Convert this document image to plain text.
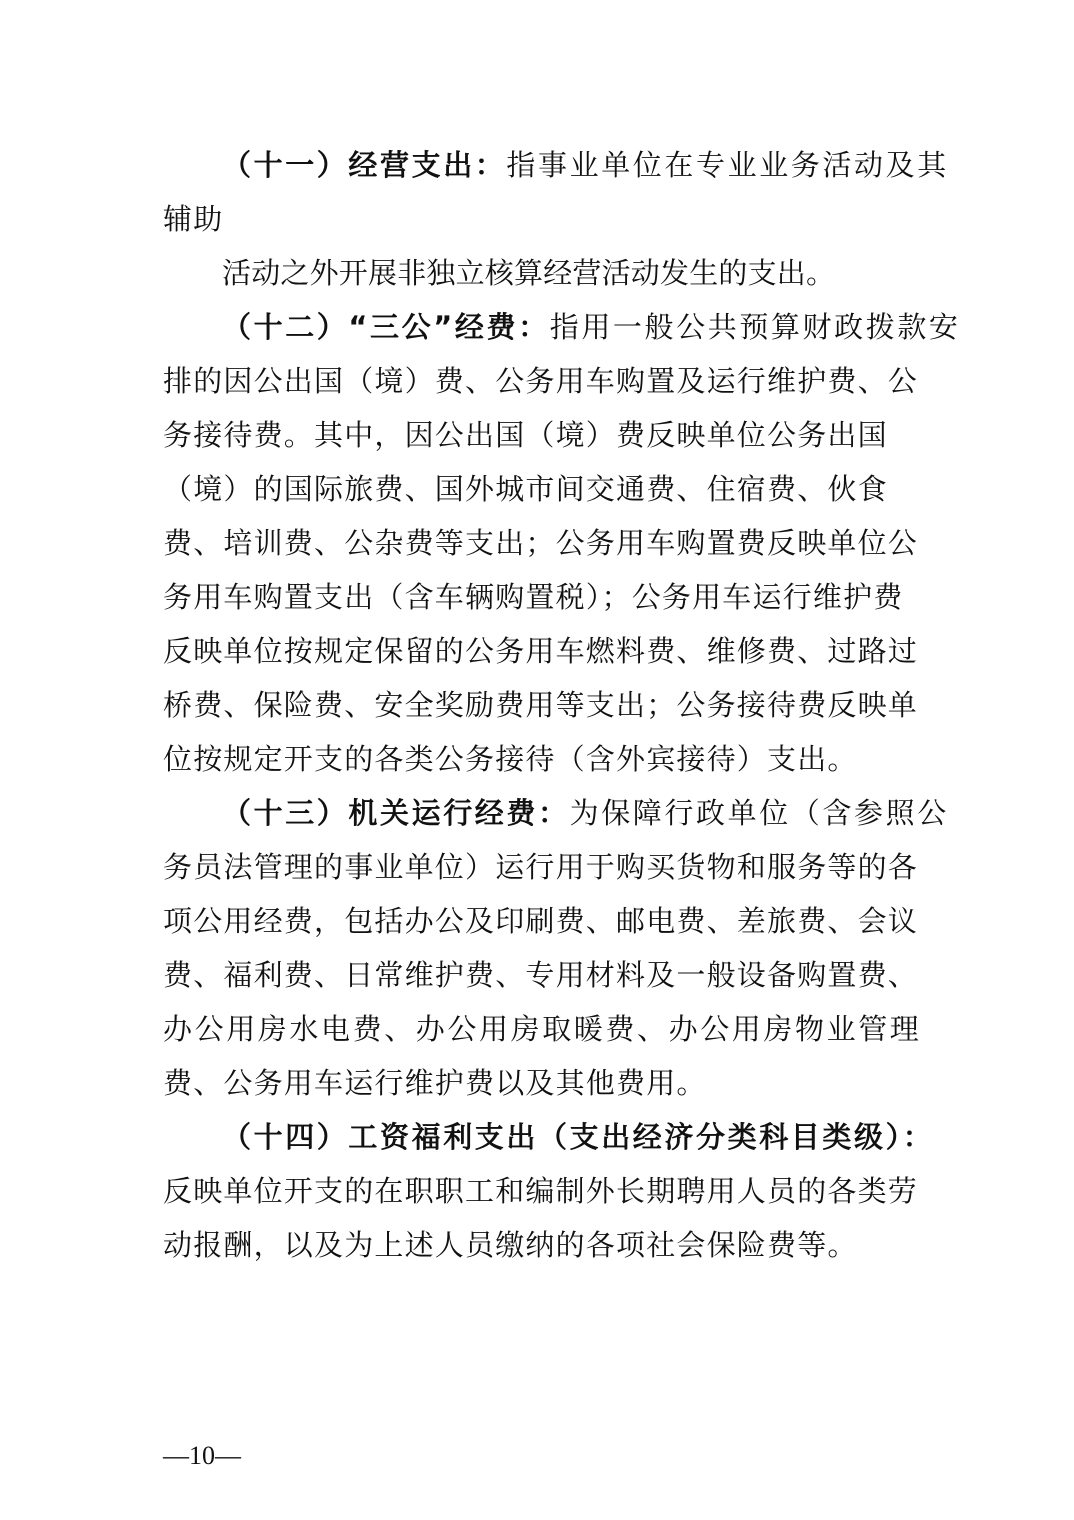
（十一）经营支出：指事业单位在专业业务活动及其
辅助
活动之外开展非独立核算经营活动发生的支出。
（十二）“三公”经费：指用一般公共预算财政拨款安
排的因公出国（境）费、公务用车购置及运行维护费、公
务接待费。其中，因公出国（境）费反映单位公务出国
（境）的国际旅费、国外城市间交通费、住宿费、伙食
费、培训费、公杂费等支出；公务用车购置费反映单位公
务用车购置支出（含车辆购置税）；公务用车运行维护费
反映单位按规定保留的公务用车燃料费、维修费、过路过
桥费、保险费、安全奖励费用等支出；公务接待费反映单
位按规定开支的各类公务接待（含外宾接待）支出。
（十三）机关运行经费：为保障行政单位（含参照公
务员法管理的事业单位）运行用于购买货物和服务等的各
项公用经费，包括办公及印刷费、邮电费、差旅费、会议
费、福利费、日常维护费、专用材料及一般设备购置费、
办公用房水电费、办公用房取暖费、办公用房物业管理
费、公务用车运行维护费以及其他费用。
（十四）工资福利支出（支出经济分类科目类级）：
反映单位开支的在职职工和编制外长期聘用人员的各类劳
动报酬，以及为上述人员缴纳的各项社会保险费等。
—10—
